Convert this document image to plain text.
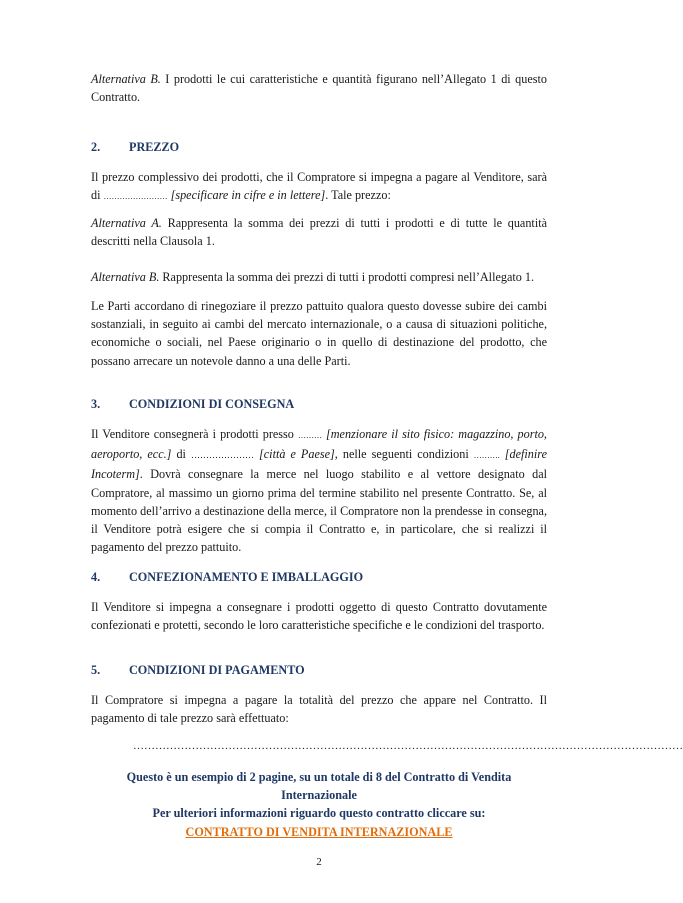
Alternativa B. I prodotti le cui caratteristiche e quantità figurano nell’Allegato 1 di questo Contratto.

2. PREZZO

Il prezzo complessivo dei prodotti, che il Compratore si impegna a pagare al Venditore, sarà di …………………… [specificare in cifre e in lettere]. Tale prezzo:

Alternativa A. Rappresenta la somma dei prezzi di tutti i prodotti e di tutte le quantità descritti nella Clausola 1.

Alternativa B. Rappresenta la somma dei prezzi di tutti i prodotti compresi nell’Allegato 1.

Le Parti accordano di rinegoziare il prezzo pattuito qualora questo dovesse subire dei cambi sostanziali, in seguito ai cambi del mercato internazionale, o a causa di situazioni politiche, economiche o sociali, nel Paese originario o in quello di destinazione del prodotto, che possano arrecare un notevole danno a una delle Parti.

3. CONDIZIONI DI CONSEGNA

Il Venditore consegnerà i prodotti presso ……… [menzionare il sito fisico: magazzino, porto, aeroporto, ecc.] di ………………… [città e Paese], nelle seguenti condizioni ………. [definire Incoterm]. Dovrà consegnare la merce nel luogo stabilito e al vettore designato dal Compratore, al massimo un giorno prima del termine stabilito nel presente Contratto. Se, al momento dell’arrivo a destinazione della merce, il Compratore non la prendesse in consegna, il Venditore potrà esigere che si compia il Contratto e, in particolare, che si realizzi il pagamento del prezzo pattuito.

4. CONFEZIONAMENTO E IMBALLAGGIO

Il Venditore si impegna a consegnare i prodotti oggetto di questo Contratto dovutamente confezionati e protetti, secondo le loro caratteristiche specifiche e le condizioni del trasporto.

5. CONDIZIONI DI PAGAMENTO

Il Compratore si impegna a pagare la totalità del prezzo che appare nel Contratto. Il pagamento di tale prezzo sarà effettuato:

……………………………………………………………………………………………………………………………………
Questo è un esempio di 2 pagine, su un totale di 8 del Contratto di Vendita Internazionale
Per ulteriori informazioni riguardo questo contratto cliccare su:
CONTRATTO DI VENDITA INTERNAZIONALE
2
